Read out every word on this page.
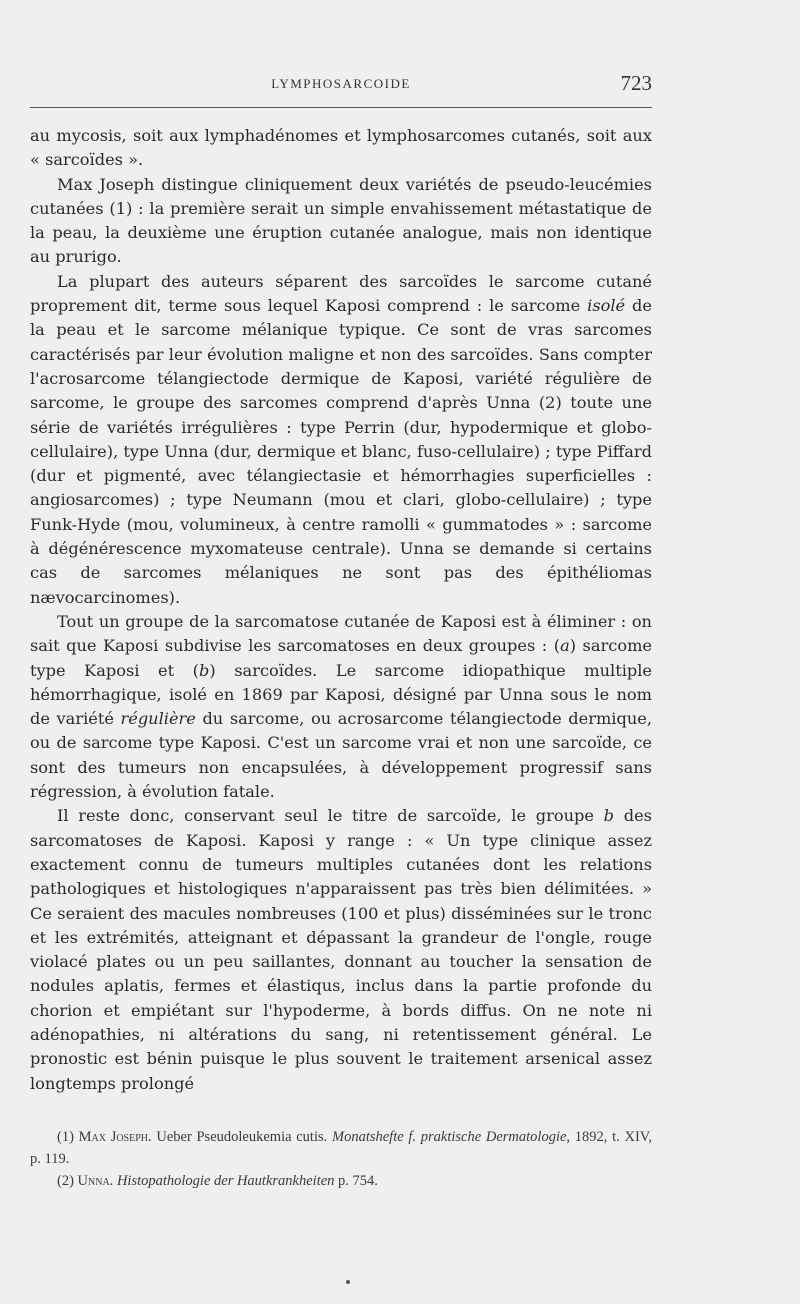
LYMPHOSARCOIDE	723

au mycosis, soit aux lymphadénomes et lymphosarcomes cutanés, soit aux « sarcoïdes ».

Max Joseph distingue cliniquement deux variétés de pseudo-leucémies cutanées (1) : la première serait un simple envahissement métastatique de la peau, la deuxième une éruption cutanée analogue, mais non identique au prurigo.

La plupart des auteurs séparent des sarcoïdes le sarcome cutané proprement dit, terme sous lequel Kaposi comprend : le sarcome isolé de la peau et le sarcome mélanique typique. Ce sont de vras sarcomes caractérisés par leur évolution maligne et non des sarcoïdes. Sans compter l'acrosarcome télangiectode dermique de Kaposi, variété régulière de sarcome, le groupe des sarcomes comprend d'après Unna (2) toute une série de variétés irrégulières : type Perrin (dur, hypodermique et globo-cellulaire), type Unna (dur, dermique et blanc, fuso-cellulaire) ; type Piffard (dur et pigmenté, avec télangiectasie et hémorrhagies superficielles : angiosarcomes) ; type Neumann (mou et clari, globo-cellulaire) ; type Funk-Hyde (mou, volumineux, à centre ramolli « gummatodes » : sarcome à dégénérescence myxomateuse centrale). Unna se demande si certains cas de sarcomes mélaniques ne sont pas des épithéliomas nævocarcinomes).

Tout un groupe de la sarcomatose cutanée de Kaposi est à éliminer : on sait que Kaposi subdivise les sarcomatoses en deux groupes : (a) sarcome type Kaposi et (b) sarcoïdes. Le sarcome idiopathique multiple hémorrhagique, isolé en 1869 par Kaposi, désigné par Unna sous le nom de variété régulière du sarcome, ou acrosarcome télangiectode dermique, ou de sarcome type Kaposi. C'est un sarcome vrai et non une sarcoïde, ce sont des tumeurs non encapsulées, à développement progressif sans régression, à évolution fatale.

Il reste donc, conservant seul le titre de sarcoïde, le groupe b des sarcomatoses de Kaposi. Kaposi y range : « Un type clinique assez exactement connu de tumeurs multiples cutanées dont les relations pathologiques et histologiques n'apparaissent pas très bien délimitées. » Ce seraient des macules nombreuses (100 et plus) disséminées sur le tronc et les extrémités, atteignant et dépassant la grandeur de l'ongle, rouge violacé plates ou un peu saillantes, donnant au toucher la sensation de nodules aplatis, fermes et élastiqus, inclus dans la partie profonde du chorion et empiétant sur l'hypoderme, à bords diffus. On ne note ni adénopathies, ni altérations du sang, ni retentissement général. Le pronostic est bénin puisque le plus souvent le traitement arsenical assez longtemps prolongé

(1) Max Joseph. Ueber Pseudoleukemia cutis. Monatshefte f. praktische Dermatologie, 1892, t. XIV, p. 119.

(2) Unna. Histopathologie der Hautkrankheiten p. 754.
